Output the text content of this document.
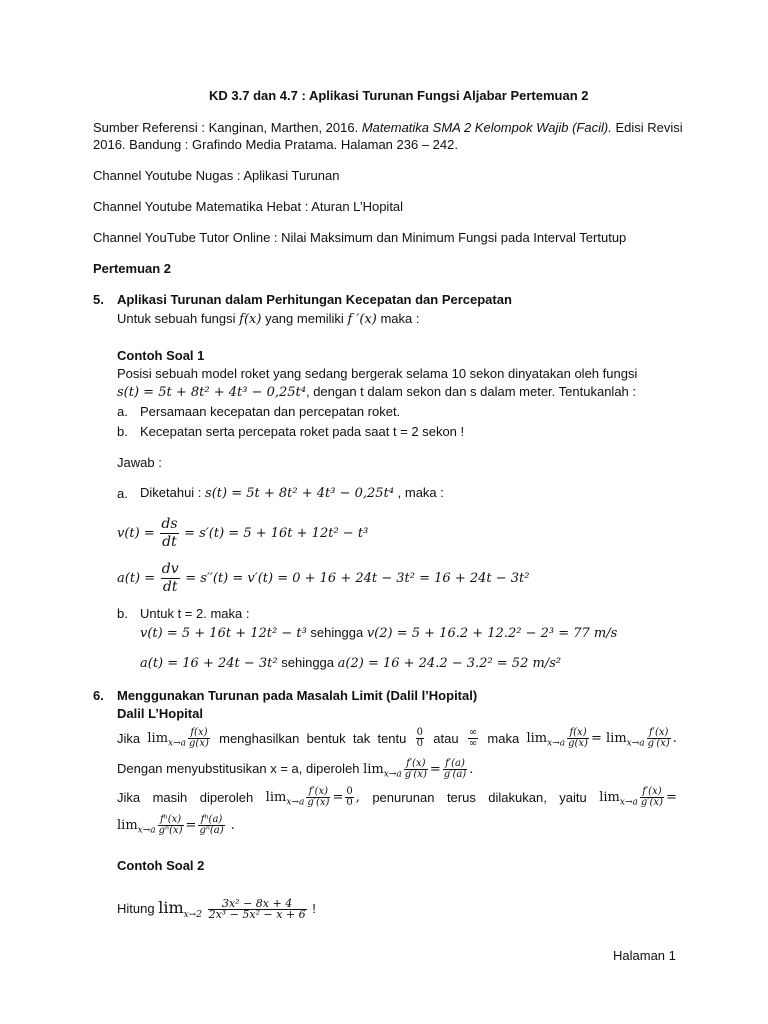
KD 3.7 dan 4.7 : Aplikasi Turunan Fungsi Aljabar Pertemuan 2
Sumber Referensi : Kanginan, Marthen, 2016. Matematika SMA 2 Kelompok Wajib (Facil). Edisi Revisi
2016. Bandung : Grafindo Media Pratama. Halaman 236 – 242.
Channel Youtube Nugas : Aplikasi Turunan
Channel Youtube Matematika Hebat : Aturan L’Hopital
Channel YouTube Tutor Online : Nilai Maksimum dan Minimum Fungsi pada Interval Tertutup
Pertemuan 2
5. Aplikasi Turunan dalam Perhitungan Kecepatan dan Percepatan
Untuk sebuah fungsi f(x) yang memiliki f ′(x) maka :
Contoh Soal 1
Posisi sebuah model roket yang sedang bergerak selama 10 sekon dinyatakan oleh fungsi
s(t) = 5t + 8t² + 4t³ − 0,25t⁴, dengan t dalam sekon dan s dalam meter. Tentukanlah :
a. Persamaan kecepatan dan percepatan roket.
b. Kecepatan serta percepata roket pada saat t = 2 sekon !
Jawab :
a. Diketahui : s(t) = 5t + 8t² + 4t³ − 0,25t⁴ , maka :
$v(t) = \frac{ds}{dt} = s'(t) = 5 + 16t + 12t^2 - t^3$
$a(t) = \frac{dv}{dt} = s''(t) = v'(t) = 0 + 16 + 24t - 3t^2 = 16 + 24t - 3t^2$
b. Untuk t = 2. maka :
v(t) = 5 + 16t + 12t² − t³ sehingga v(2) = 5 + 16.2 + 12.2² − 2³ = 77 m/s
a(t) = 16 + 24t − 3t² sehingga a(2) = 16 + 24.2 − 3.2² = 52 m/s²
6. Menggunakan Turunan pada Masalah Limit (Dalil l’Hopital)
Dalil L’Hopital
Jika $\lim_{x\to a} \frac{f(x)}{g(x)}$ menghasilkan bentuk tak tentu $\frac{0}{0}$ atau $\frac{\infty}{\infty}$ maka $\lim_{x\to a} \frac{f(x)}{g(x)} = \lim_{x\to a} \frac{f'(x)}{g'(x)}$ .
Dengan menyubstitusikan x = a, diperoleh $\lim_{x\to a} \frac{f'(x)}{g'(x)} = \frac{f'(a)}{g'(a)}$ .
Jika masih diperoleh $\lim_{x\to a} \frac{f'(x)}{g'(x)} = \frac{0}{0}$ , penurunan terus dilakukan, yaitu $\lim_{x\to a} \frac{f'(x)}{g'(x)}$ =
$\lim_{x\to a} \frac{\text{fⁿ(x)}}{\text{gⁿ(x)}} = \frac{\text{fⁿ(a)}}{\text{gⁿ(a)}}$ .
Contoh Soal 2
Hitung $\lim_{x\to 2} \frac{\text{3x² − 8x + 4}}{\text{2x³ − 5x² − x + 6}}$ !
Halaman 1
